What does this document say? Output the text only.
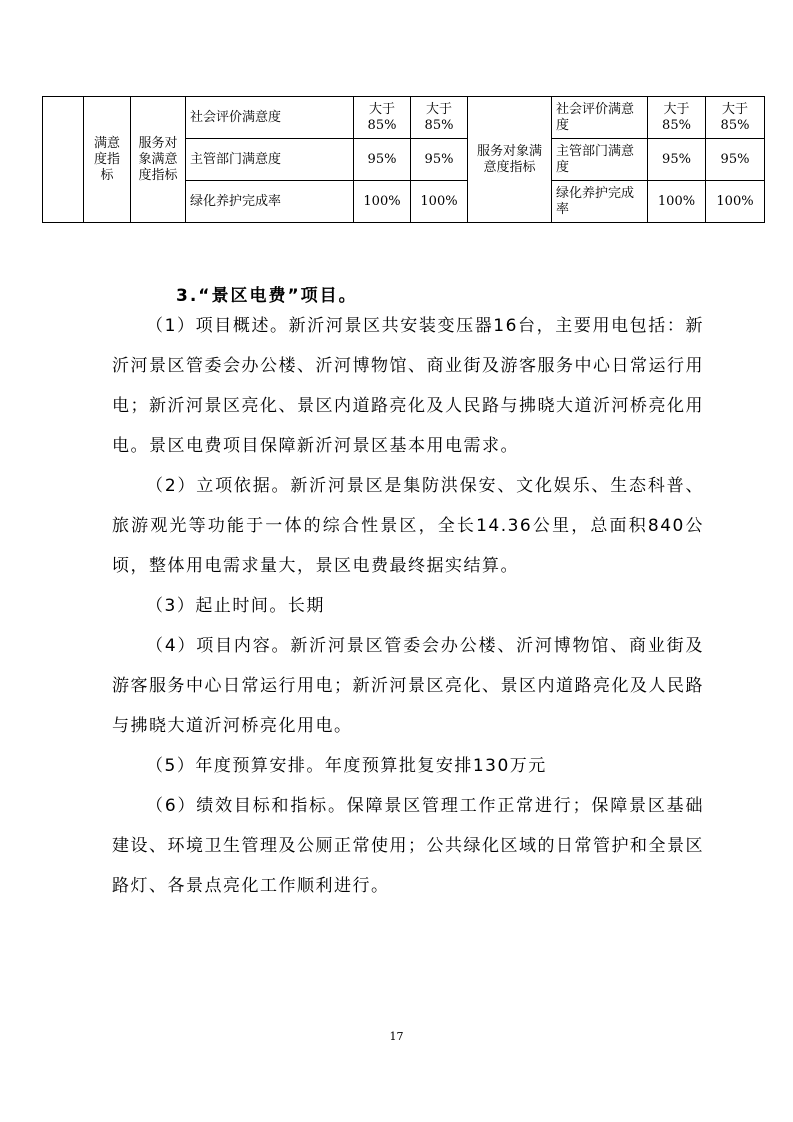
	满意度指标	服务对象满意度指标	社会评价满意度	大于85%	大于85%	服务对象满意度指标	社会评价满意度	大于85%	大于85%
			主管部门满意度	95%	95%		主管部门满意度	95%	95%
			绿化养护完成率	100%	100%		绿化养护完成率	100%	100%
3.“景区电费”项目。

（1）项目概述。新沂河景区共安装变压器16台，主要用电包括：新沂河景区管委会办公楼、沂河博物馆、商业街及游客服务中心日常运行用电；新沂河景区亮化、景区内道路亮化及人民路与拂晓大道沂河桥亮化用电。景区电费项目保障新沂河景区基本用电需求。

（2）立项依据。新沂河景区是集防洪保安、文化娱乐、生态科普、旅游观光等功能于一体的综合性景区，全长14.36公里，总面积840公顷，整体用电需求量大，景区电费最终据实结算。

（3）起止时间。长期

（4）项目内容。新沂河景区管委会办公楼、沂河博物馆、商业街及游客服务中心日常运行用电；新沂河景区亮化、景区内道路亮化及人民路与拂晓大道沂河桥亮化用电。

（5）年度预算安排。年度预算批复安排130万元

（6）绩效目标和指标。保障景区管理工作正常进行；保障景区基础建设、环境卫生管理及公厕正常使用；公共绿化区域的日常管护和全景区路灯、各景点亮化工作顺利进行。

17
